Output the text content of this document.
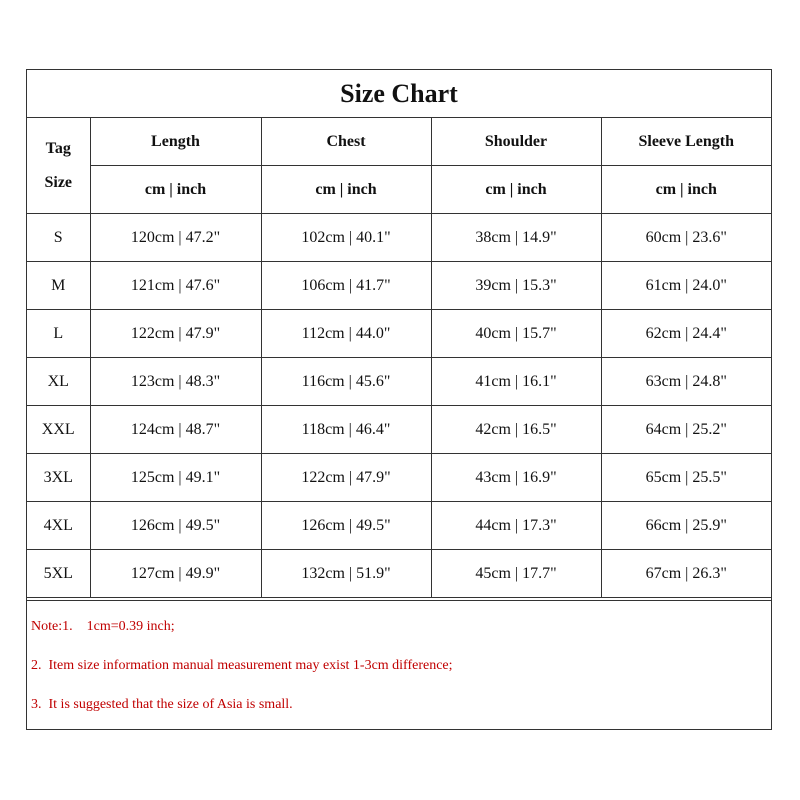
Size Chart
Tag
Size	Length	Chest	Shoulder	Sleeve Length
	cm | inch	cm | inch	cm | inch	cm | inch
S	120cm | 47.2"	102cm | 40.1"	38cm | 14.9"	60cm | 23.6"
M	121cm | 47.6"	106cm | 41.7"	39cm | 15.3"	61cm | 24.0"
L	122cm | 47.9"	112cm | 44.0"	40cm | 15.7"	62cm | 24.4"
XL	123cm | 48.3"	116cm | 45.6"	41cm | 16.1"	63cm | 24.8"
XXL	124cm | 48.7"	118cm | 46.4"	42cm | 16.5"	64cm | 25.2"
3XL	125cm | 49.1"	122cm | 47.9"	43cm | 16.9"	65cm | 25.5"
4XL	126cm | 49.5"	126cm | 49.5"	44cm | 17.3"	66cm | 25.9"
5XL	127cm | 49.9"	132cm | 51.9"	45cm | 17.7"	67cm | 26.3"
Note:1.    1cm=0.39 inch;
2.  Item size information manual measurement may exist 1-3cm difference;
3.  It is suggested that the size of Asia is small.
